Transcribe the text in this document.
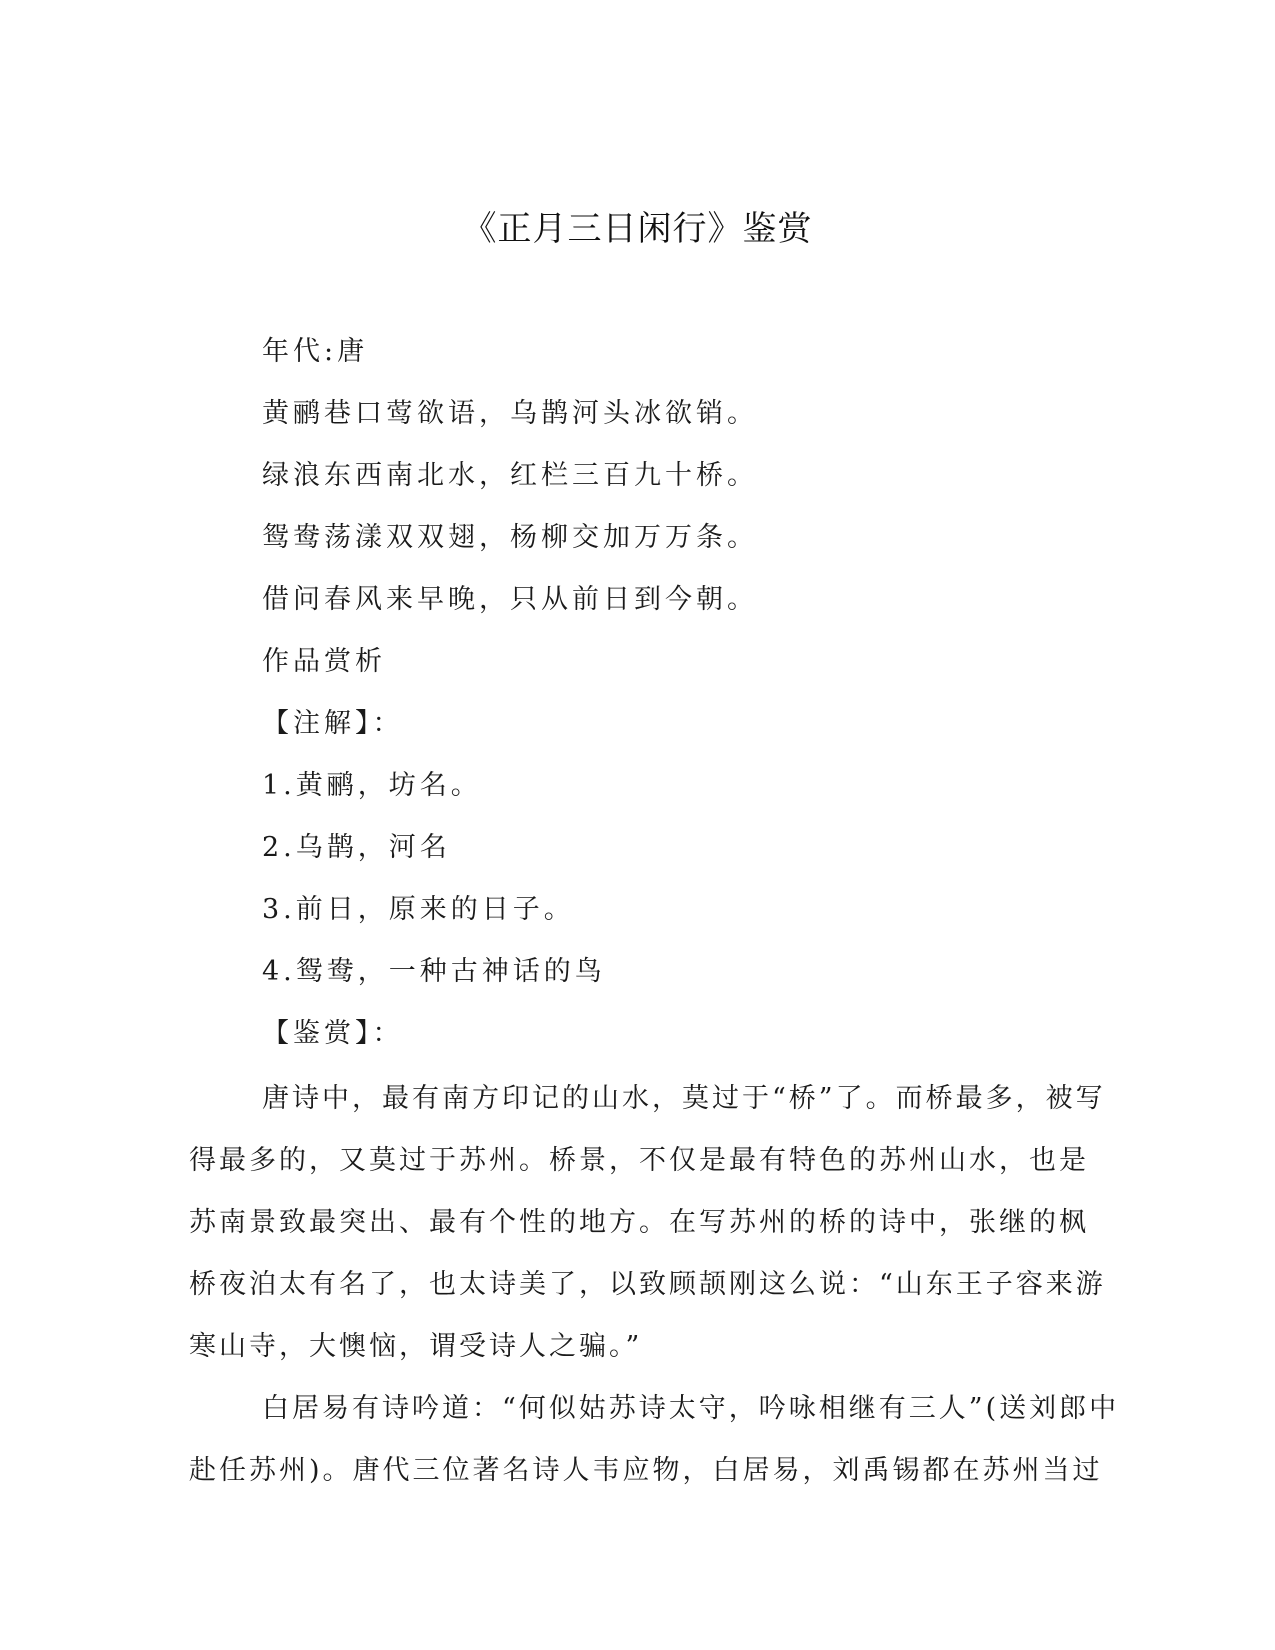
《正月三日闲行》鉴赏
年代:唐
黄鹂巷口莺欲语，乌鹊河头冰欲销。
绿浪东西南北水，红栏三百九十桥。
鸳鸯荡漾双双翅，杨柳交加万万条。
借问春风来早晚，只从前日到今朝。
作品赏析
【注解】：
1.黄鹂，坊名。
2.乌鹊，河名
3.前日，原来的日子。
4.鸳鸯，一种古神话的鸟
【鉴赏】：
唐诗中，最有南方印记的山水，莫过于“桥”了。而桥最多，被写
得最多的，又莫过于苏州。桥景，不仅是最有特色的苏州山水，也是
苏南景致最突出、最有个性的地方。在写苏州的桥的诗中，张继的枫
桥夜泊太有名了，也太诗美了，以致顾颉刚这么说：“山东王子容来游
寒山寺，大懊恼，谓受诗人之骗。”
白居易有诗吟道：“何似姑苏诗太守，吟咏相继有三人”(送刘郎中
赴任苏州)。唐代三位著名诗人韦应物，白居易，刘禹锡都在苏州当过
